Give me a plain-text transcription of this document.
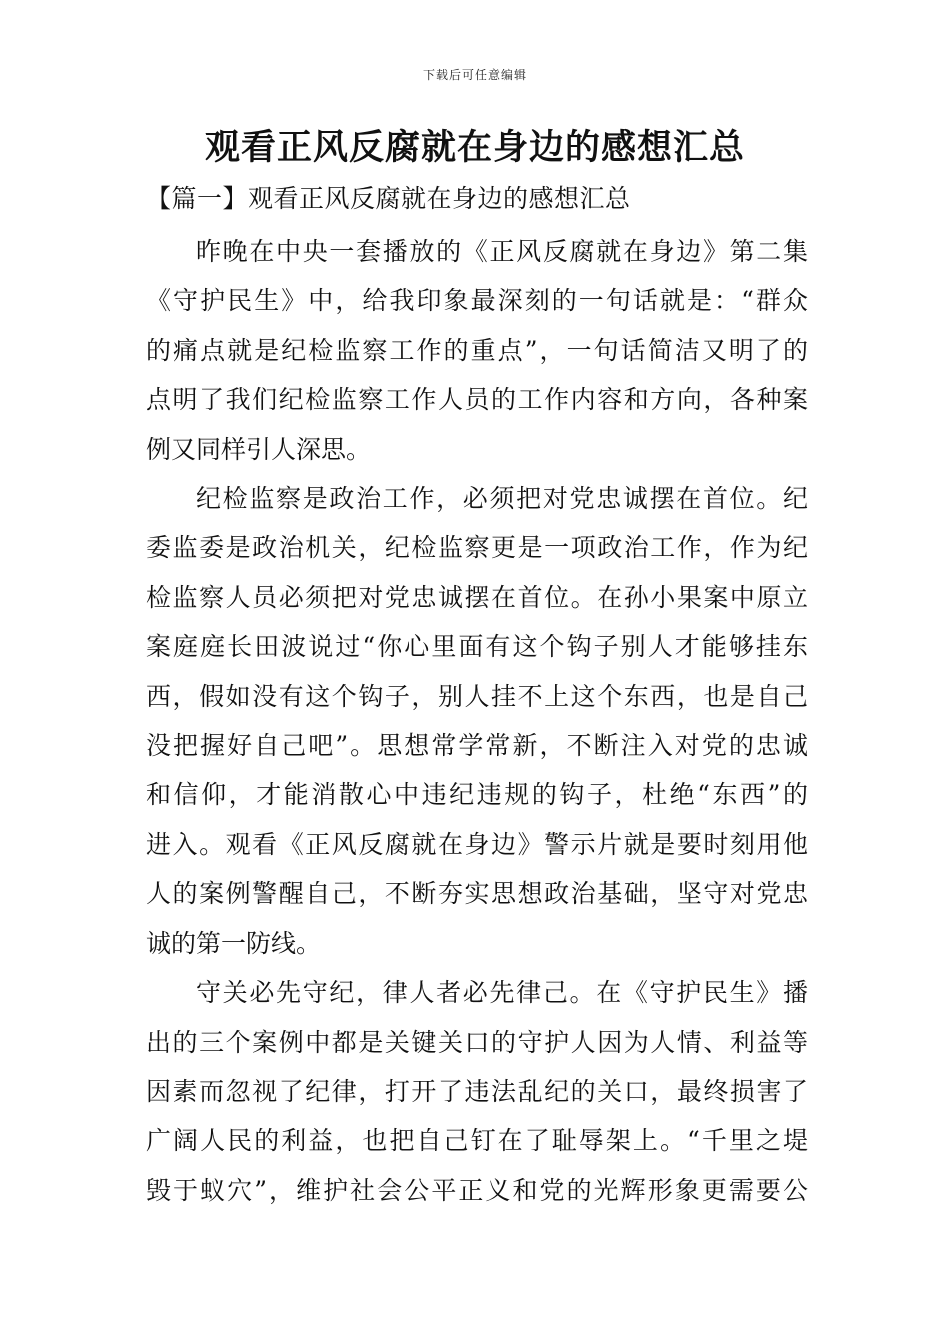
下载后可任意编辑
观看正风反腐就在身边的感想汇总
【篇一】观看正风反腐就在身边的感想汇总

昨晚在中央一套播放的《正风反腐就在身边》第二集
《守护民生》中，给我印象最深刻的一句话就是：“群众
的痛点就是纪检监察工作的重点”，一句话简洁又明了的
点明了我们纪检监察工作人员的工作内容和方向，各种案
例又同样引人深思。

纪检监察是政治工作，必须把对党忠诚摆在首位。纪
委监委是政治机关，纪检监察更是一项政治工作，作为纪
检监察人员必须把对党忠诚摆在首位。在孙小果案中原立
案庭庭长田波说过“你心里面有这个钩子别人才能够挂东
西，假如没有这个钩子，别人挂不上这个东西，也是自己
没把握好自己吧”。思想常学常新，不断注入对党的忠诚
和信仰，才能消散心中违纪违规的钩子，杜绝“东西”的
进入。观看《正风反腐就在身边》警示片就是要时刻用他
人的案例警醒自己，不断夯实思想政治基础，坚守对党忠
诚的第一防线。

守关必先守纪，律人者必先律己。在《守护民生》播
出的三个案例中都是关键关口的守护人因为人情、利益等
因素而忽视了纪律，打开了违法乱纪的关口，最终损害了
广阔人民的利益，也把自己钉在了耻辱架上。“千里之堤
毁于蚁穴”，维护社会公平正义和党的光辉形象更需要公
